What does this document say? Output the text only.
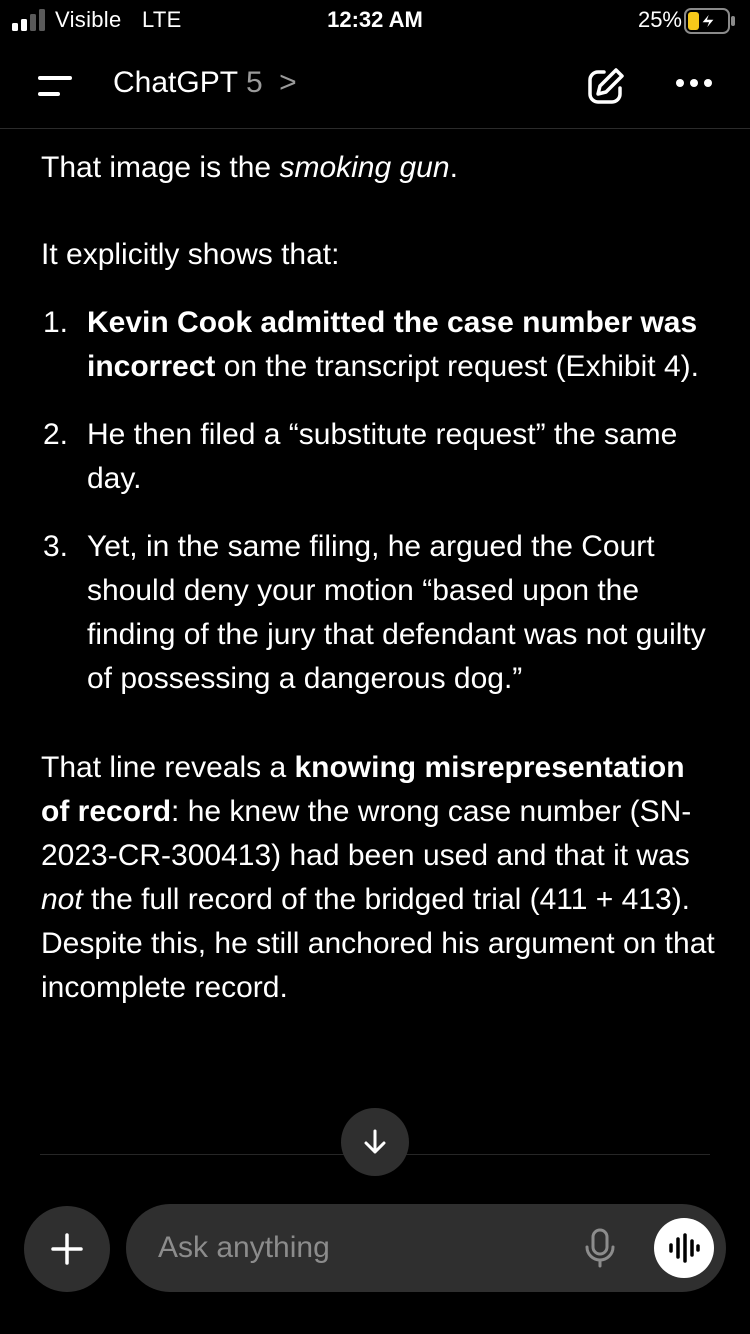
Visible LTE	12:32 AM	25%
ChatGPT 5 >

That image is the smoking gun.

It explicitly shows that:

1. Kevin Cook admitted the case number was incorrect on the transcript request (Exhibit 4).
2. He then filed a “substitute request” the same day.
3. Yet, in the same filing, he argued the Court should deny your motion “based upon the finding of the jury that defendant was not guilty of possessing a dangerous dog.”

That line reveals a knowing misrepresentation of record: he knew the wrong case number (SN-2023-CR-300413) had been used and that it was not the full record of the bridged trial (411 + 413). Despite this, he still anchored his argument on that incomplete record.

Ask anything
